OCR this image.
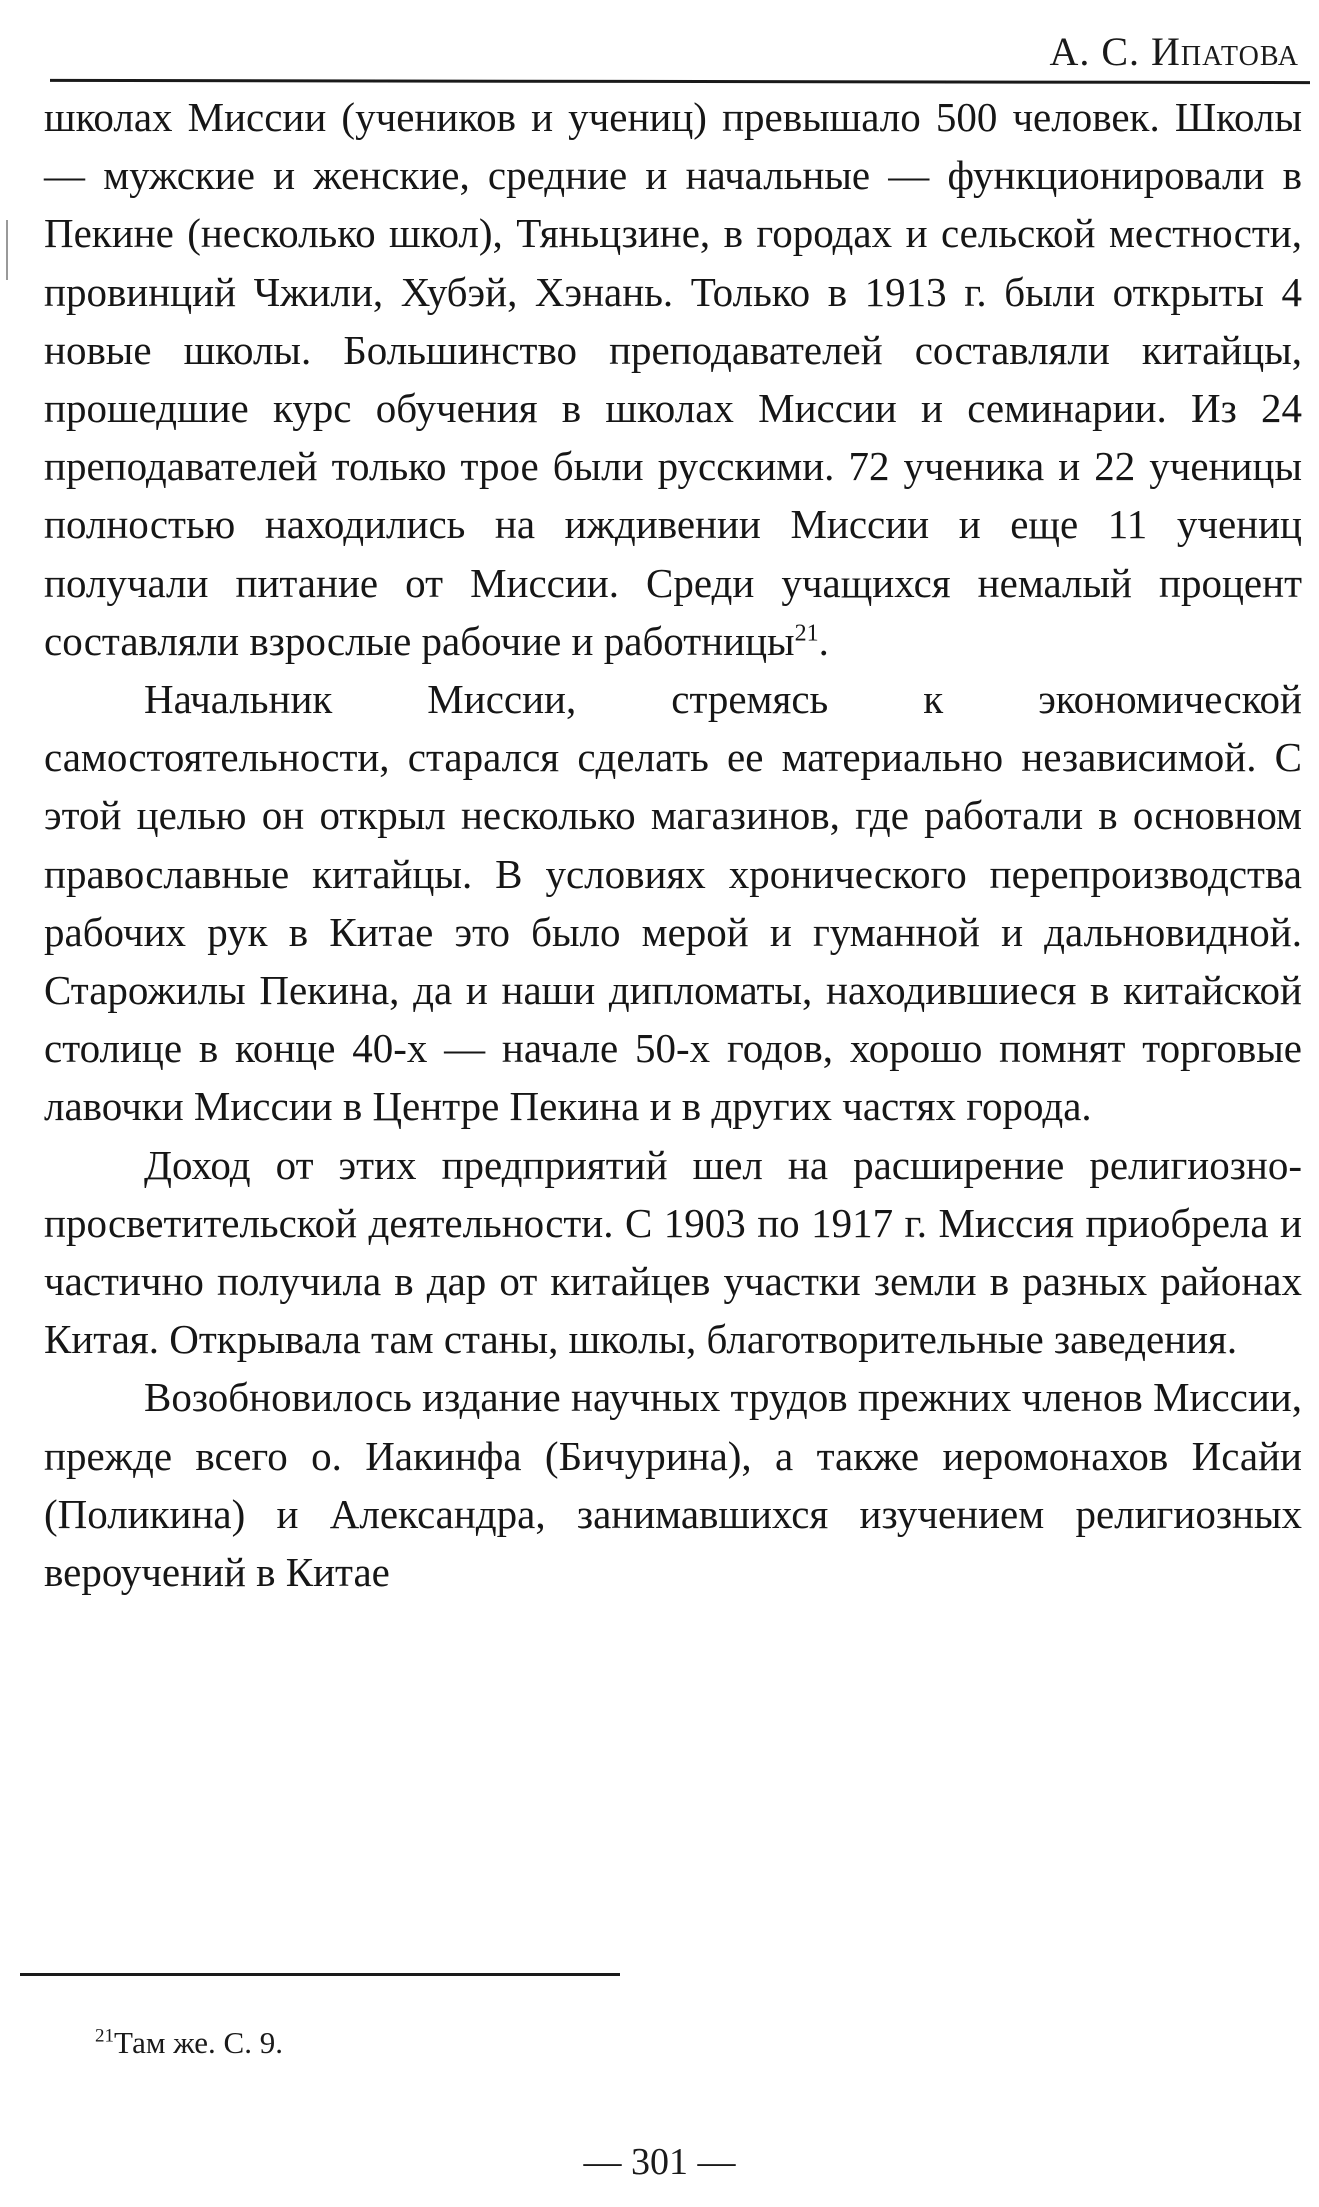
А. С. Ипатова

школах Миссии (учеников и учениц) превышало 500 человек. Школы — мужские и женские, средние и начальные — функционировали в Пекине (несколько школ), Тяньцзине, в городах и сельской местности, провинций Чжили, Хубэй, Хэнань. Только в 1913 г. были открыты 4 новые школы. Большинство преподавателей составляли китайцы, прошедшие курс обучения в школах Миссии и семинарии. Из 24 преподавателей только трое были русскими. 72 ученика и 22 ученицы полностью находились на иждивении Миссии и еще 11 учениц получали питание от Миссии. Среди учащихся немалый процент составляли взрослые рабочие и работницы$^{21}$.

Начальник Миссии, стремясь к экономической самостоятельности, старался сделать ее материально независимой. С этой целью он открыл несколько магазинов, где работали в основном православные китайцы. В условиях хронического перепроизводства рабочих рук в Китае это было мерой и гуманной и дальновидной. Старожилы Пекина, да и наши дипломаты, находившиеся в китайской столице в конце 40-х — начале 50-х годов, хорошо помнят торговые лавочки Миссии в Центре Пекина и в других частях города.

Доход от этих предприятий шел на расширение религиозно-просветительской деятельности. С 1903 по 1917 г. Миссия приобрела и частично получила в дар от китайцев участки земли в разных районах Китая. Открывала там станы, школы, благотворительные заведения.

Возобновилось издание научных трудов прежних членов Миссии, прежде всего о. Иакинфа (Бичурина), а также иеромонахов Исайи (Поликина) и Александра, занимавшихся изучением религиозных вероучений в Китае

$^{21}$Там же. С. 9.
— 301 —
